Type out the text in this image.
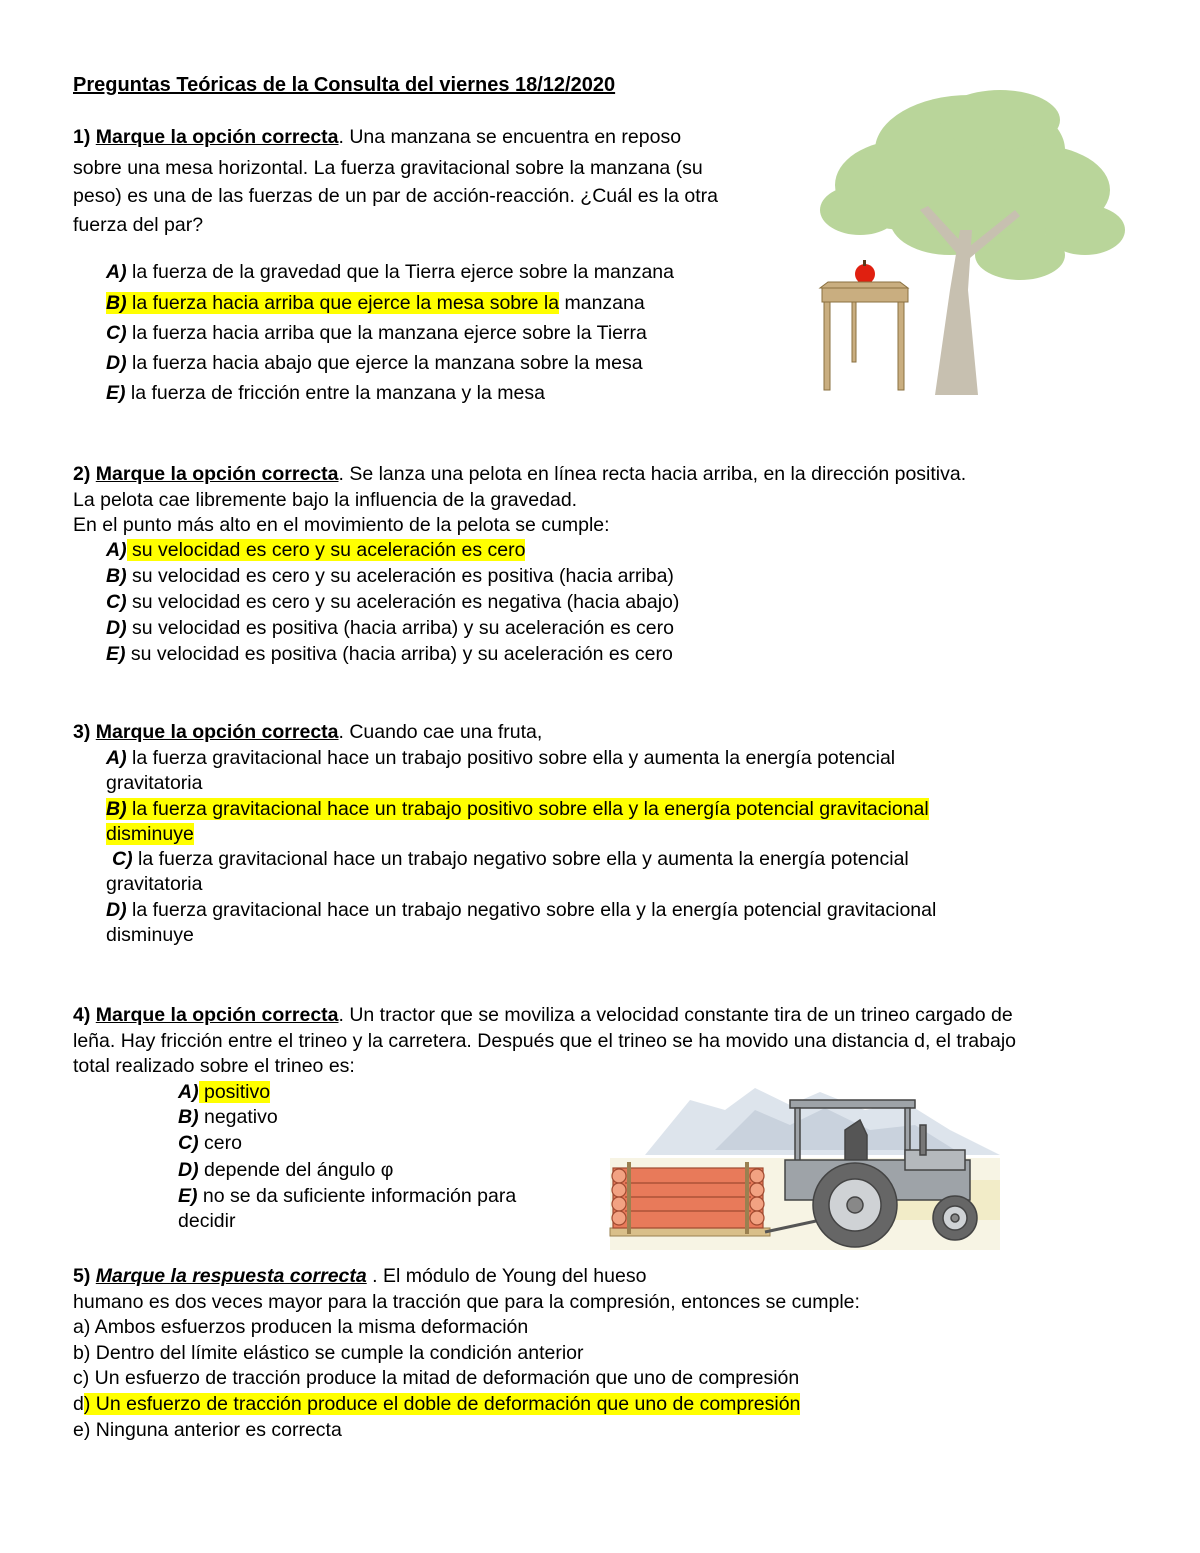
Preguntas Teóricas de la Consulta del viernes 18/12/2020
1) Marque la opción correcta. Una manzana se encuentra en reposo
sobre una mesa horizontal. La fuerza gravitacional sobre la manzana (su
peso) es una de las fuerzas de un par de acción-reacción. ¿Cuál es la otra
fuerza del par?
A) la fuerza de la gravedad que la Tierra ejerce sobre la manzana
B) la fuerza hacia arriba que ejerce la mesa sobre la manzana
C) la fuerza hacia arriba que la manzana ejerce sobre la Tierra
D) la fuerza hacia abajo que ejerce la manzana sobre la mesa
E) la fuerza de fricción entre la manzana y la mesa
2) Marque la opción correcta. Se lanza una pelota en línea recta hacia arriba, en la dirección positiva.
La pelota cae libremente bajo la influencia de la gravedad.
En el punto más alto en el movimiento de la pelota se cumple:
A) su velocidad es cero y su aceleración es cero
B) su velocidad es cero y su aceleración es positiva (hacia arriba)
C) su velocidad es cero y su aceleración es negativa (hacia abajo)
D) su velocidad es positiva (hacia arriba) y su aceleración es cero
E) su velocidad es positiva (hacia arriba) y su aceleración es cero
3) Marque la opción correcta. Cuando cae una fruta,
A) la fuerza gravitacional hace un trabajo positivo sobre ella y aumenta la energía potencial
gravitatoria
B) la fuerza gravitacional hace un trabajo positivo sobre ella y la energía potencial gravitacional
disminuye
C) la fuerza gravitacional hace un trabajo negativo sobre ella y aumenta la energía potencial
gravitatoria
D) la fuerza gravitacional hace un trabajo negativo sobre ella y la energía potencial gravitacional
disminuye
4) Marque la opción correcta. Un tractor que se moviliza a velocidad constante tira de un trineo cargado de
leña. Hay fricción entre el trineo y la carretera. Después que el trineo se ha movido una distancia d, el trabajo
total realizado sobre el trineo es:
A) positivo
B) negativo
C) cero
D) depende del ángulo φ
E) no se da suficiente información para
decidir
5) Marque la respuesta correcta . El módulo de Young del hueso
humano es dos veces mayor para la tracción que para la compresión, entonces se cumple:
a) Ambos esfuerzos producen la misma deformación
b) Dentro del límite elástico se cumple la condición anterior
c) Un esfuerzo de tracción produce la mitad de deformación que uno de compresión
d) Un esfuerzo de tracción produce el doble de deformación que uno de compresión
e) Ninguna anterior es correcta
